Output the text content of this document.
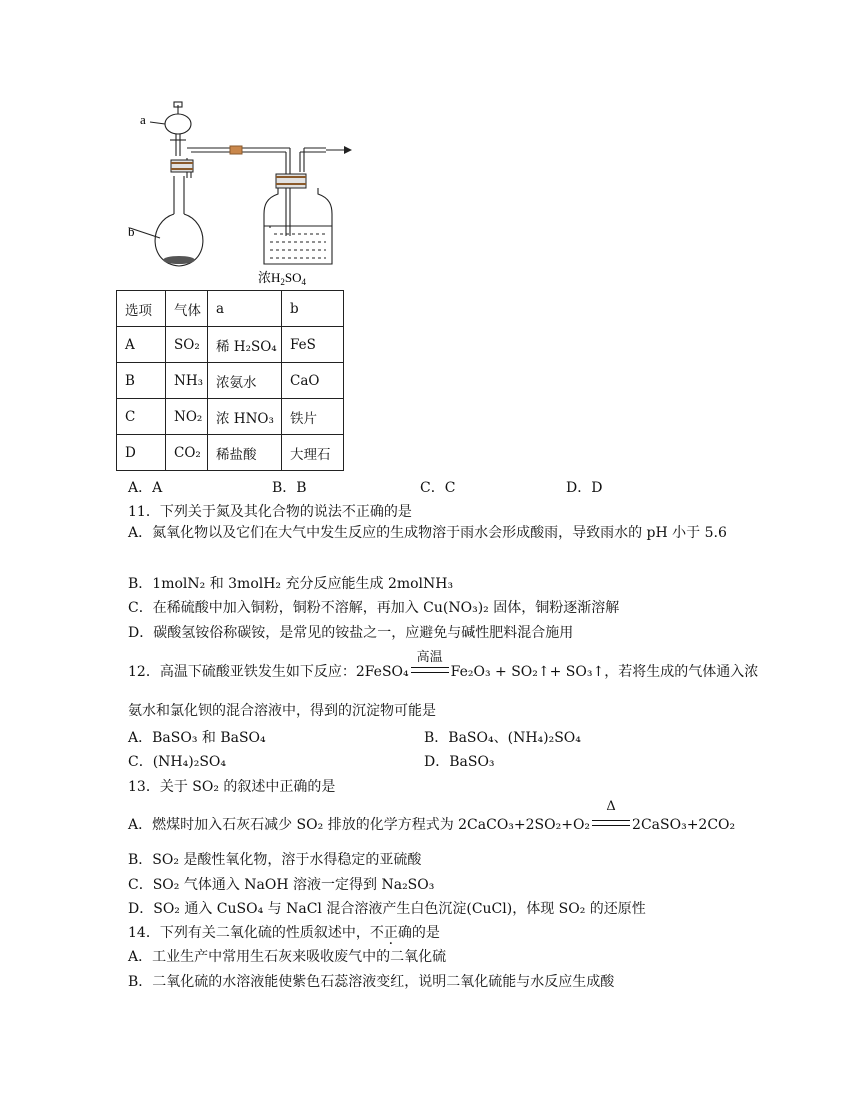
a
b
浓$H_2SO_4$
选项	气体	a	b
A	SO₂	稀 H₂SO₄	FeS
B	NH₃	浓氨水	CaO
C	NO₂	浓 HNO₃	铁片
D	CO₂	稀盐酸	大理石
A．A	B．B	C．C	D．D
11．下列关于氮及其化合物的说法不正确的是
A．氮氧化物以及它们在大气中发生反应的生成物溶于雨水会形成酸雨，导致雨水的 pH 小于 5.6
B．1molN₂ 和 3molH₂ 充分反应能生成 2molNH₃
C．在稀硫酸中加入铜粉，铜粉不溶解，再加入 Cu(NO₃)₂ 固体，铜粉逐渐溶解
D．碳酸氢铵俗称碳铵，是常见的铵盐之一，应避免与碱性肥料混合施用
12．高温下硫酸亚铁发生如下反应：2FeSO₄
高温
Fe₂O₃ + SO₂↑+ SO₃↑，若将生成的气体通入浓
氨水和氯化钡的混合溶液中，得到的沉淀物可能是
A．BaSO₃ 和 BaSO₄	B．BaSO₄、(NH₄)₂SO₄
C．(NH₄)₂SO₄	D．BaSO₃
13．关于 SO₂ 的叙述中正确的是
A．燃煤时加入石灰石减少 SO₂ 排放的化学方程式为 2CaCO₃+2SO₂+O₂
Δ
2CaSO₃+2CO₂
B．SO₂ 是酸性氧化物，溶于水得稳定的亚硫酸
C．SO₂ 气体通入 NaOH 溶液一定得到 Na₂SO₃
D．SO₂ 通入 CuSO₄ 与 NaCl 混合溶液产生白色沉淀(CuCl)，体现 SO₂ 的还原性
14．下列有关二氧化硫的性质叙述中，不正确的是
A．工业生产中常用生石灰来吸收废气中的二氧化硫
B．二氧化硫的水溶液能使紫色石蕊溶液变红，说明二氧化硫能与水反应生成酸
